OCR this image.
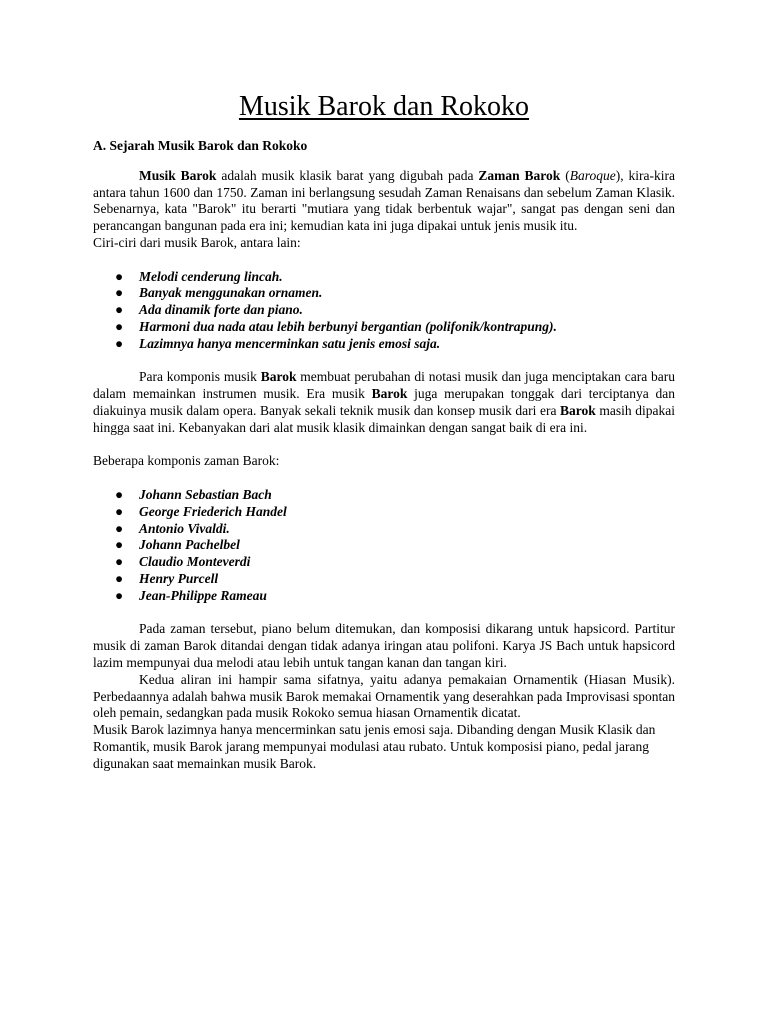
Musik Barok dan Rokoko
A. Sejarah Musik Barok dan Rokoko

Musik Barok adalah musik klasik barat yang digubah pada Zaman Barok (Baroque), kira-kira antara tahun 1600 dan 1750. Zaman ini berlangsung sesudah Zaman Renaisans dan sebelum Zaman Klasik. Sebenarnya, kata "Barok" itu berarti "mutiara yang tidak berbentuk wajar", sangat pas dengan seni dan perancangan bangunan pada era ini; kemudian kata ini juga dipakai untuk jenis musik itu.

Ciri-ciri dari musik Barok, antara lain:

● Melodi cenderung lincah.
● Banyak menggunakan ornamen.
● Ada dinamik forte dan piano.
● Harmoni dua nada atau lebih berbunyi bergantian (polifonik/kontrapung).
● Lazimnya hanya mencerminkan satu jenis emosi saja.

Para komponis musik Barok membuat perubahan di notasi musik dan juga menciptakan cara baru dalam memainkan instrumen musik. Era musik Barok juga merupakan tonggak dari terciptanya dan diakuinya musik dalam opera. Banyak sekali teknik musik dan konsep musik dari era Barok masih dipakai hingga saat ini. Kebanyakan dari alat musik klasik dimainkan dengan sangat baik di era ini.

Beberapa komponis zaman Barok:

● Johann Sebastian Bach
● George Friederich Handel
● Antonio Vivaldi.
● Johann Pachelbel
● Claudio Monteverdi
● Henry Purcell
● Jean-Philippe Rameau

Pada zaman tersebut, piano belum ditemukan, dan komposisi dikarang untuk hapsicord. Partitur musik di zaman Barok ditandai dengan tidak adanya iringan atau polifoni. Karya JS Bach untuk hapsicord lazim mempunyai dua melodi atau lebih untuk tangan kanan dan tangan kiri.

Kedua aliran ini hampir sama sifatnya, yaitu adanya pemakaian Ornamentik (Hiasan Musik). Perbedaannya adalah bahwa musik Barok memakai Ornamentik yang deserahkan pada Improvisasi spontan oleh pemain, sedangkan pada musik Rokoko semua hiasan Ornamentik dicatat.

Musik Barok lazimnya hanya mencerminkan satu jenis emosi saja. Dibanding dengan Musik Klasik dan Romantik, musik Barok jarang mempunyai modulasi atau rubato. Untuk komposisi piano, pedal jarang digunakan saat memainkan musik Barok.
